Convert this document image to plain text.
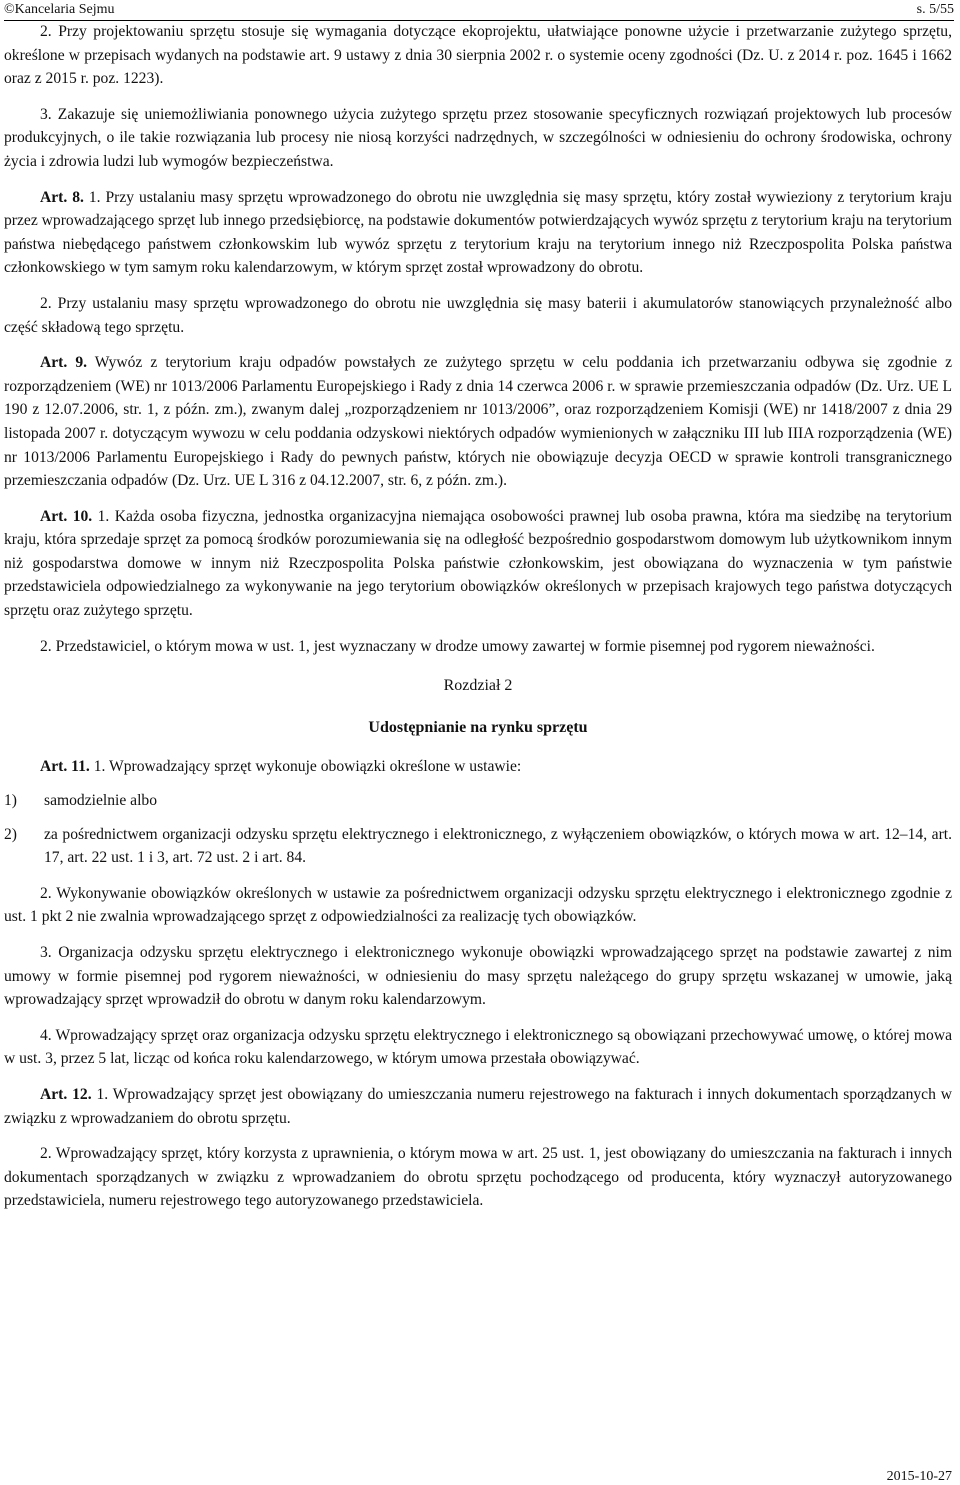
©Kancelaria Sejmu	s. 5/55

2. Przy projektowaniu sprzętu stosuje się wymagania dotyczące ekoprojektu, ułatwiające ponowne użycie i przetwarzanie zużytego sprzętu, określone w przepisach wydanych na podstawie art. 9 ustawy z dnia 30 sierpnia 2002 r. o systemie oceny zgodności (Dz. U. z 2014 r. poz. 1645 i 1662 oraz z 2015 r. poz. 1223).

3. Zakazuje się uniemożliwiania ponownego użycia zużytego sprzętu przez stosowanie specyficznych rozwiązań projektowych lub procesów produkcyjnych, o ile takie rozwiązania lub procesy nie niosą korzyści nadrzędnych, w szczególności w odniesieniu do ochrony środowiska, ochrony życia i zdrowia ludzi lub wymogów bezpieczeństwa.

Art. 8. 1. Przy ustalaniu masy sprzętu wprowadzonego do obrotu nie uwzględnia się masy sprzętu, który został wywieziony z terytorium kraju przez wprowadzającego sprzęt lub innego przedsiębiorcę, na podstawie dokumentów potwierdzających wywóz sprzętu z terytorium kraju na terytorium państwa niebędącego państwem członkowskim lub wywóz sprzętu z terytorium kraju na terytorium innego niż Rzeczpospolita Polska państwa członkowskiego w tym samym roku kalendarzowym, w którym sprzęt został wprowadzony do obrotu.

2. Przy ustalaniu masy sprzętu wprowadzonego do obrotu nie uwzględnia się masy baterii i akumulatorów stanowiących przynależność albo część składową tego sprzętu.

Art. 9. Wywóz z terytorium kraju odpadów powstałych ze zużytego sprzętu w celu poddania ich przetwarzaniu odbywa się zgodnie z rozporządzeniem (WE) nr 1013/2006 Parlamentu Europejskiego i Rady z dnia 14 czerwca 2006 r. w sprawie przemieszczania odpadów (Dz. Urz. UE L 190 z 12.07.2006, str. 1, z późn. zm.), zwanym dalej „rozporządzeniem nr 1013/2006”, oraz rozporządzeniem Komisji (WE) nr 1418/2007 z dnia 29 listopada 2007 r. dotyczącym wywozu w celu poddania odzyskowi niektórych odpadów wymienionych w załączniku III lub IIIA rozporządzenia (WE) nr 1013/2006 Parlamentu Europejskiego i Rady do pewnych państw, których nie obowiązuje decyzja OECD w sprawie kontroli transgranicznego przemieszczania odpadów (Dz. Urz. UE L 316 z 04.12.2007, str. 6, z późn. zm.).

Art. 10. 1. Każda osoba fizyczna, jednostka organizacyjna niemająca osobowości prawnej lub osoba prawna, która ma siedzibę na terytorium kraju, która sprzedaje sprzęt za pomocą środków porozumiewania się na odległość bezpośrednio gospodarstwom domowym lub użytkownikom innym niż gospodarstwa domowe w innym niż Rzeczpospolita Polska państwie członkowskim, jest obowiązana do wyznaczenia w tym państwie przedstawiciela odpowiedzialnego za wykonywanie na jego terytorium obowiązków określonych w przepisach krajowych tego państwa dotyczących sprzętu oraz zużytego sprzętu.

2. Przedstawiciel, o którym mowa w ust. 1, jest wyznaczany w drodze umowy zawartej w formie pisemnej pod rygorem nieważności.

Rozdział 2

Udostępnianie na rynku sprzętu

Art. 11. 1. Wprowadzający sprzęt wykonuje obowiązki określone w ustawie:

1) samodzielnie albo
2) za pośrednictwem organizacji odzysku sprzętu elektrycznego i elektronicznego, z wyłączeniem obowiązków, o których mowa w art. 12–14, art. 17, art. 22 ust. 1 i 3, art. 72 ust. 2 i art. 84.

2. Wykonywanie obowiązków określonych w ustawie za pośrednictwem organizacji odzysku sprzętu elektrycznego i elektronicznego zgodnie z ust. 1 pkt 2 nie zwalnia wprowadzającego sprzęt z odpowiedzialności za realizację tych obowiązków.

3. Organizacja odzysku sprzętu elektrycznego i elektronicznego wykonuje obowiązki wprowadzającego sprzęt na podstawie zawartej z nim umowy w formie pisemnej pod rygorem nieważności, w odniesieniu do masy sprzętu należącego do grupy sprzętu wskazanej w umowie, jaką wprowadzający sprzęt wprowadził do obrotu w danym roku kalendarzowym.

4. Wprowadzający sprzęt oraz organizacja odzysku sprzętu elektrycznego i elektronicznego są obowiązani przechowywać umowę, o której mowa w ust. 3, przez 5 lat, licząc od końca roku kalendarzowego, w którym umowa przestała obowiązywać.

Art. 12. 1. Wprowadzający sprzęt jest obowiązany do umieszczania numeru rejestrowego na fakturach i innych dokumentach sporządzanych w związku z wprowadzaniem do obrotu sprzętu.

2. Wprowadzający sprzęt, który korzysta z uprawnienia, o którym mowa w art. 25 ust. 1, jest obowiązany do umieszczania na fakturach i innych dokumentach sporządzanych w związku z wprowadzaniem do obrotu sprzętu pochodzącego od producenta, który wyznaczył autoryzowanego przedstawiciela, numeru rejestrowego tego autoryzowanego przedstawiciela.

2015-10-27
